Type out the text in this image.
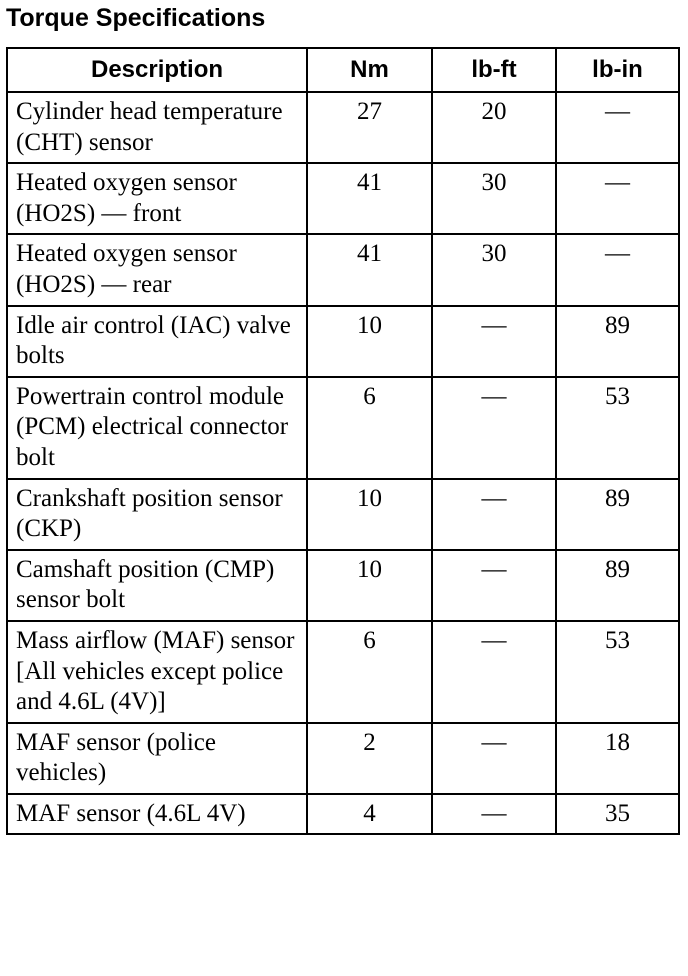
Torque Specifications
Description	Nm	lb-ft	lb-in
Cylinder head temperature (CHT) sensor	27	20	—
Heated oxygen sensor (HO2S) — front	41	30	—
Heated oxygen sensor (HO2S) — rear	41	30	—
Idle air control (IAC) valve bolts	10	—	89
Powertrain control module (PCM) electrical connector bolt	6	—	53
Crankshaft position sensor (CKP)	10	—	89
Camshaft position (CMP) sensor bolt	10	—	89
Mass airflow (MAF) sensor [All vehicles except police and 4.6L (4V)]	6	—	53
MAF sensor (police vehicles)	2	—	18
MAF sensor (4.6L 4V)	4	—	35
